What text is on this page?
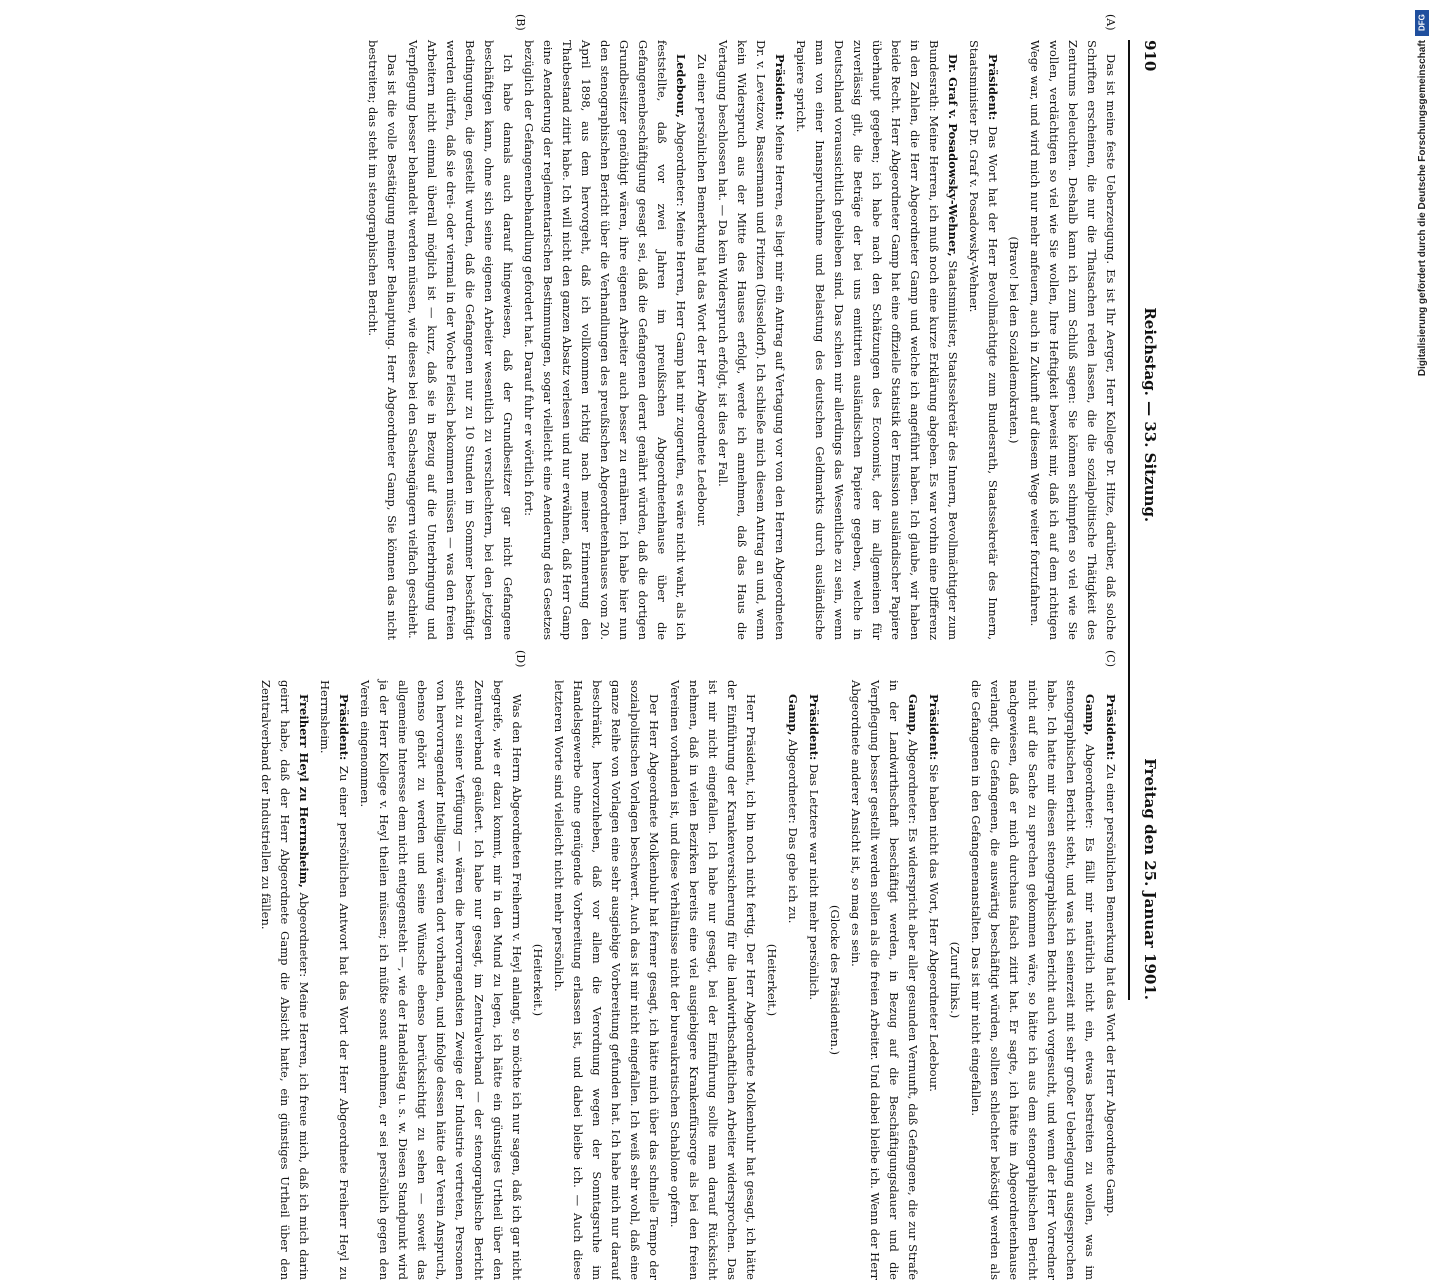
910
Reichstag. — 33. Sitzung.
Freitag den 25. Januar 1901.

Das ist meine feste Ueberzeugung. Es ist Ihr Aerger, Herr Kollege Dr. Hitze, darüber, daß solche Schriften erscheinen, die nur die Thatsachen reden lassen, die die sozialpolitische Thätigkeit des Zentrums beleuchten. Deshalb kann ich zum Schluß sagen: Sie können schimpfen so viel wie Sie wollen, verdächtigen so viel wie Sie wollen, Ihre Heftigkeit beweist mir, daß ich auf dem richtigen Wege war, und wird mich nur mehr anfeuern, auch in Zukunft auf diesem Wege weiter fortzufahren.

(Bravo! bei den Sozialdemokraten.)

Präsident: Das Wort hat der Herr Bevollmächtigte zum Bundesrath, Staatssekretär des Innern, Staatsminister Dr. Graf v. Posadowsky-Wehner.

Dr. Graf v. Posadowsky-Wehner, Staatsminister, Staatssekretär des Innern, Bevollmächtigter zum Bundesrath: Meine Herren, ich muß noch eine kurze Erklärung abgeben. Es war vorhin eine Differenz in den Zahlen, die Herr Abgeordneter Gamp und welche ich angeführt haben. Ich glaube, wir haben beide Recht. Herr Abgeordneter Gamp hat eine offizielle Statistik der Emission ausländischer Papiere überhaupt gegeben; ich habe nach den Schätzungen des Economist, der im allgemeinen für zuverlässig gilt, die Beträge der bei uns emittirten ausländischen Papiere gegeben, welche in Deutschland voraussichtlich geblieben sind. Das schien mir allerdings das Wesentliche zu sein, wenn man von einer Inanspruchnahme und Belastung des deutschen Geldmarkts durch ausländische Papiere spricht.

Präsident: Meine Herren, es liegt mir ein Antrag auf Vertagung vor von den Herren Abgeordneten Dr. v. Levetzow, Bassermann und Fritzen (Düsseldorf). Ich schließe mich diesem Antrag an und, wenn kein Widerspruch aus der Mitte des Hauses erfolgt, werde ich annehmen, daß das Haus die Vertagung beschlossen hat. — Da kein Widerspruch erfolgt, ist dies der Fall.

Zu einer persönlichen Bemerkung hat das Wort der Herr Abgeordnete Ledebour.

Ledebour, Abgeordneter: Meine Herren, Herr Gamp hat mir zugerufen, es wäre nicht wahr, als ich feststellte, daß vor zwei Jahren im preußischen Abgeordnetenhause über die Gefangenenbeschäftigung gesagt sei, daß die Gefangenen derart genährt würden, daß die dortigen Grundbesitzer genöthigt wären, ihre eigenen Arbeiter auch besser zu ernähren. Ich habe hier nun den stenographischen Bericht über die Verhandlungen des preußischen Abgeordnetenhauses vom 20. April 1898, aus dem hervorgeht, daß ich vollkommen richtig nach meiner Erinnerung den Thatbestand zitirt habe. Ich will nicht den ganzen Absatz verlesen und nur erwähnen, daß Herr Gamp eine Aenderung der reglementarischen Bestimmungen, sogar vielleicht eine Aenderung des Gesetzes bezüglich der Gefangenenbehandlung gefordert hat. Darauf fuhr er wörtlich fort:

Ich habe damals auch darauf hingewiesen, daß der Grundbesitzer gar nicht Gefangene beschäftigen kann, ohne sich seine eigenen Arbeiter wesentlich zu verschlechtern, bei den jetzigen Bedingungen, die gestellt wurden, daß die Gefangenen nur zu 10 Stunden im Sommer beschäftigt werden dürfen, daß sie drei- oder viermal in der Woche Fleisch bekommen müssen — was den freien Arbeitern nicht einmal überall möglich ist — kurz, daß sie in Bezug auf die Unterbringung und Verpflegung besser behandelt werden müssen, wie dieses bei den Sachsengängern vielfach geschieht.

Das ist die volle Bestätigung meiner Behauptung. Herr Abgeordneter Gamp, Sie können das nicht bestreiten; das steht im stenographischen Bericht.

Präsident: Zu einer persönlichen Bemerkung hat das Wort der Herr Abgeordnete Gamp.

Gamp, Abgeordneter: Es fällt mir natürlich nicht ein, etwas bestreiten zu wollen, was im stenographischen Bericht steht, und was ich seinerzeit mit sehr großer Ueberlegung ausgesprochen habe. Ich hatte mir diesen stenographischen Bericht auch vorgesucht, und wenn der Herr Vorredner nicht auf die Sache zu sprechen gekommen wäre, so hätte ich aus dem stenographischen Bericht nachgewiesen, daß er mich durchaus falsch zitirt hat. Er sagte, ich hätte im Abgeordnetenhause verlangt, die Gefangenen, die auswärtig beschäftigt würden, sollten schlechter beköstigt werden als die Gefangenen in den Gefangenenanstalten. Das ist mir nicht eingefallen.

(Zuruf links.)

Präsident: Sie haben nicht das Wort, Herr Abgeordneter Ledebour.

Gamp, Abgeordneter: Es widerspricht aber aller gesunden Vernunft, daß Gefangene, die zur Strafe in der Landwirthschaft beschäftigt werden, in Bezug auf die Beschäftigungsdauer und die Verpflegung besser gestellt werden sollen als die freien Arbeiter. Und dabei bleibe ich. Wenn der Herr Abgeordnete anderer Ansicht ist, so mag es sein.

(Glocke des Präsidenten.)

Präsident: Das Letztere war nicht mehr persönlich.

Gamp, Abgeordneter: Das gebe ich zu.

(Heiterkeit.)

Herr Präsident, ich bin noch nicht fertig. Der Herr Abgeordnete Molkenbuhr hat gesagt, ich hätte der Einführung der Krankenversicherung für die landwirthschaftlichen Arbeiter widersprochen. Das ist mir nicht eingefallen. Ich habe nur gesagt, bei der Einführung sollte man darauf Rücksicht nehmen, daß in vielen Bezirken bereits eine viel ausgiebigere Krankenfürsorge als bei den freien Vereinen vorhanden ist, und diese Verhältnisse nicht der bureaukratischen Schablone opfern.

Der Herr Abgeordnete Molkenbuhr hat ferner gesagt, ich hätte mich über das schnelle Tempo der sozialpolitischen Vorlagen beschwert. Auch das ist mir nicht eingefallen. Ich weiß sehr wohl, daß eine ganze Reihe von Vorlagen eine sehr ausgiebige Vorbereitung gefunden hat. Ich habe mich nur darauf beschränkt, hervorzuheben, daß vor allem die Verordnung wegen der Sonntagsruhe im Handelsgewerbe ohne genügende Vorbereitung erlassen ist, und dabei bleibe ich. — Auch diese letzteren Worte sind vielleicht nicht mehr persönlich.

(Heiterkeit.)

Was den Herrn Abgeordneten Freiherrn v. Heyl anlangt, so möchte ich nur sagen, daß ich gar nicht begreife, wie er dazu kommt, mir in den Mund zu legen, ich hätte ein günstiges Urtheil über den Zentralverband geäußert. Ich habe nur gesagt, im Zentralverband — der stenographische Bericht steht zu seiner Verfügung — wären die hervorragendsten Zweige der Industrie vertreten, Personen von hervorragender Intelligenz wären dort vorhanden, und infolge dessen hätte der Verein Anspruch, ebenso gehört zu werden und seine Wünsche ebenso berücksichtigt zu sehen — soweit das allgemeine Interesse dem nicht entgegensteht —, wie der Handelstag u. s. w. Diesen Standpunkt wird ja der Herr Kollege v. Heyl theilen müssen; ich müßte sonst annehmen, er sei persönlich gegen den Verein eingenommen.

Präsident: Zu einer persönlichen Antwort hat das Wort der Herr Abgeordnete Freiherr Heyl zu Herrnsheim.

Freiherr Heyl zu Herrnsheim, Abgeordneter: Meine Herren, ich freue mich, daß ich mich darin geirrt habe, daß der Herr Abgeordnete Gamp die Absicht hatte, ein günstiges Urtheil über den Zentralverband der Industriellen zu fällen.

(A)
(B)
(C)
(D)
DFG
Digitalisierung gefördert durch die Deutsche Forschungsgemeinschaft
